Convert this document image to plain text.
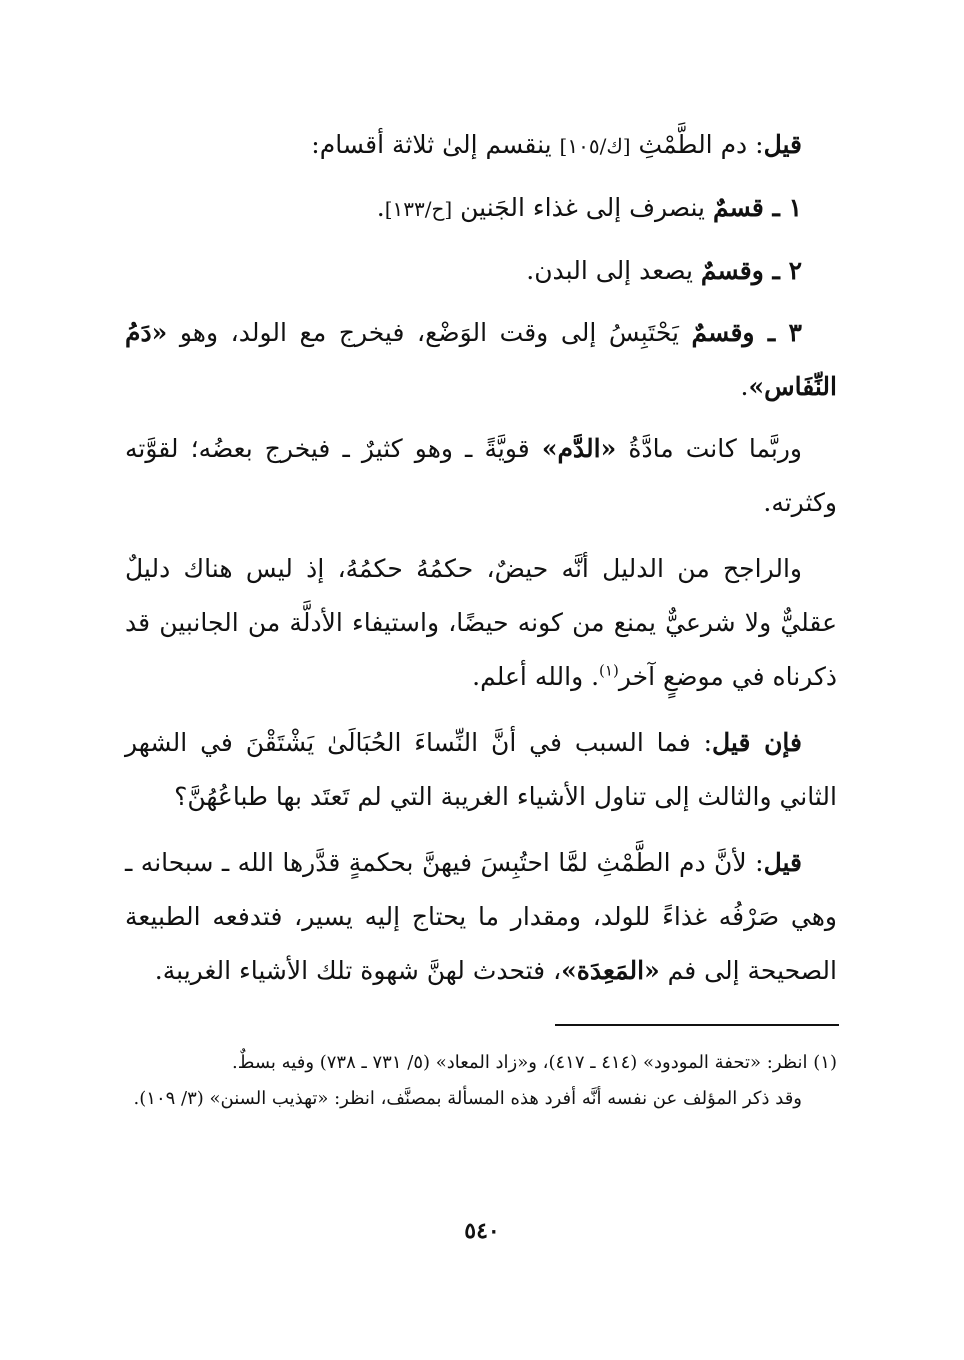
قيل: دم الطَّمْثِ [ك/١٠٥] ينقسم إلىٰ ثلاثة أقسام:

١ ـ قسمٌ ينصرف إلى غذاء الجَنين [ح/١٣٣].

٢ ـ وقسمٌ يصعد إلى البدن.

٣ ـ وقسمٌ يَحْتَبِسُ إلى وقت الوَضْع، فيخرج مع الولد، وهو «دَمُ النِّفَاس».

وربَّما كانت مادَّةُ «الدَّم» قويَّةً ـ وهو كثيرٌ ـ فيخرج بعضُه؛ لقوَّته وكثرته.

والراجح من الدليل أنَّه حيضٌ، حكمُهُ حكمُهُ، إذ ليس هناك دليلٌ عقليٌّ ولا شرعيٌّ يمنع من كونه حيضًا، واستيفاء الأدلَّة من الجانبين قد ذكرناه في موضعٍ آخر$^{(١)}$. والله أعلم.

فإن قيل: فما السبب في أنَّ النِّساءَ الحُبَالَىٰ يَشْتَقْنَ في الشهر الثاني والثالث إلى تناول الأشياء الغريبة التي لم تَعتَد بها طباعُهُنَّ؟

قيل: لأنَّ دم الطَّمْثِ لمَّا احتُبِسَ فيهنَّ بحكمةٍ قدَّرها الله ـ سبحانه ـ وهي صَرْفُه غذاءً للولد، ومقدار ما يحتاج إليه يسير، فتدفعه الطبيعة الصحيحة إلى فم «المَعِدَة»، فتحدث لهنَّ شهوة تلك الأشياء الغريبة.

(١) انظر: «تحفة المودود» (٤١٤ ـ ٤١٧)، و«زاد المعاد» (٥/ ٧٣١ ـ ٧٣٨) وفيه بسطٌ.

وقد ذكر المؤلف عن نفسه أنَّه أفرد هذه المسألة بمصنَّف، انظر: «تهذيب السنن» (٣/ ١٠٩).

٥٤٠
